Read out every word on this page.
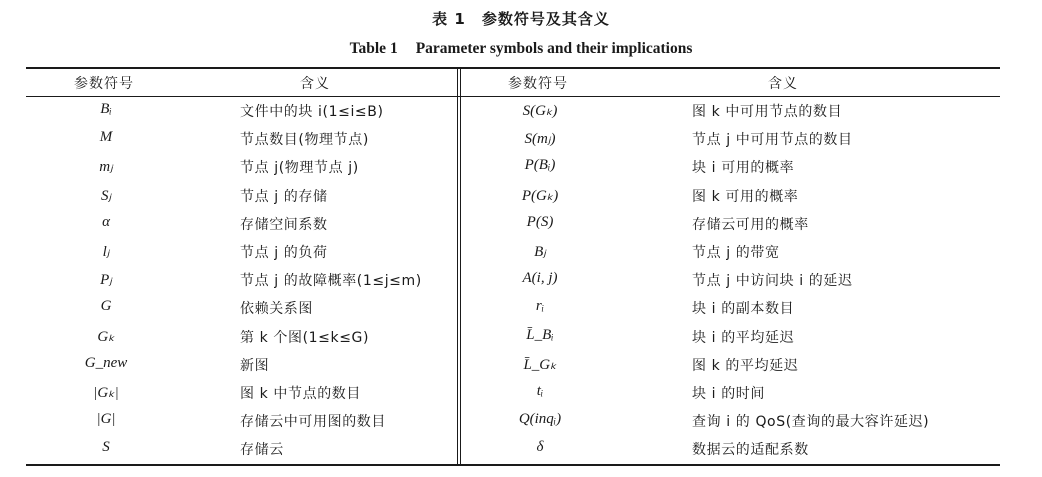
表 1 参数符号及其含义
Table 1 Parameter symbols and their implications
参数符号	含义	参数符号	含义
Bᵢ	文件中的块 i(1≤i≤B)	S(Gₖ)	图 k 中可用节点的数目
M	节点数目(物理节点)	S(mⱼ)	节点 j 中可用节点的数目
mⱼ	节点 j(物理节点 j)	P(Bᵢ)	块 i 可用的概率
Sⱼ	节点 j 的存储	P(Gₖ)	图 k 可用的概率
α	存储空间系数	P(S)	存储云可用的概率
lⱼ	节点 j 的负荷	Bⱼ	节点 j 的带宽
Pⱼ	节点 j 的故障概率(1≤j≤m)	A(i, j)	节点 j 中访问块 i 的延迟
G	依赖关系图	rᵢ	块 i 的副本数目
Gₖ	第 k 个图(1≤k≤G)	L̄_Bᵢ	块 i 的平均延迟
G_new	新图	L̄_Gₖ	图 k 的平均延迟
|Gₖ|	图 k 中节点的数目	tᵢ	块 i 的时间
|G|	存储云中可用图的数目	Q(inqᵢ)	查询 i 的 QoS(查询的最大容许延迟)
S	存储云	δ	数据云的适配系数
